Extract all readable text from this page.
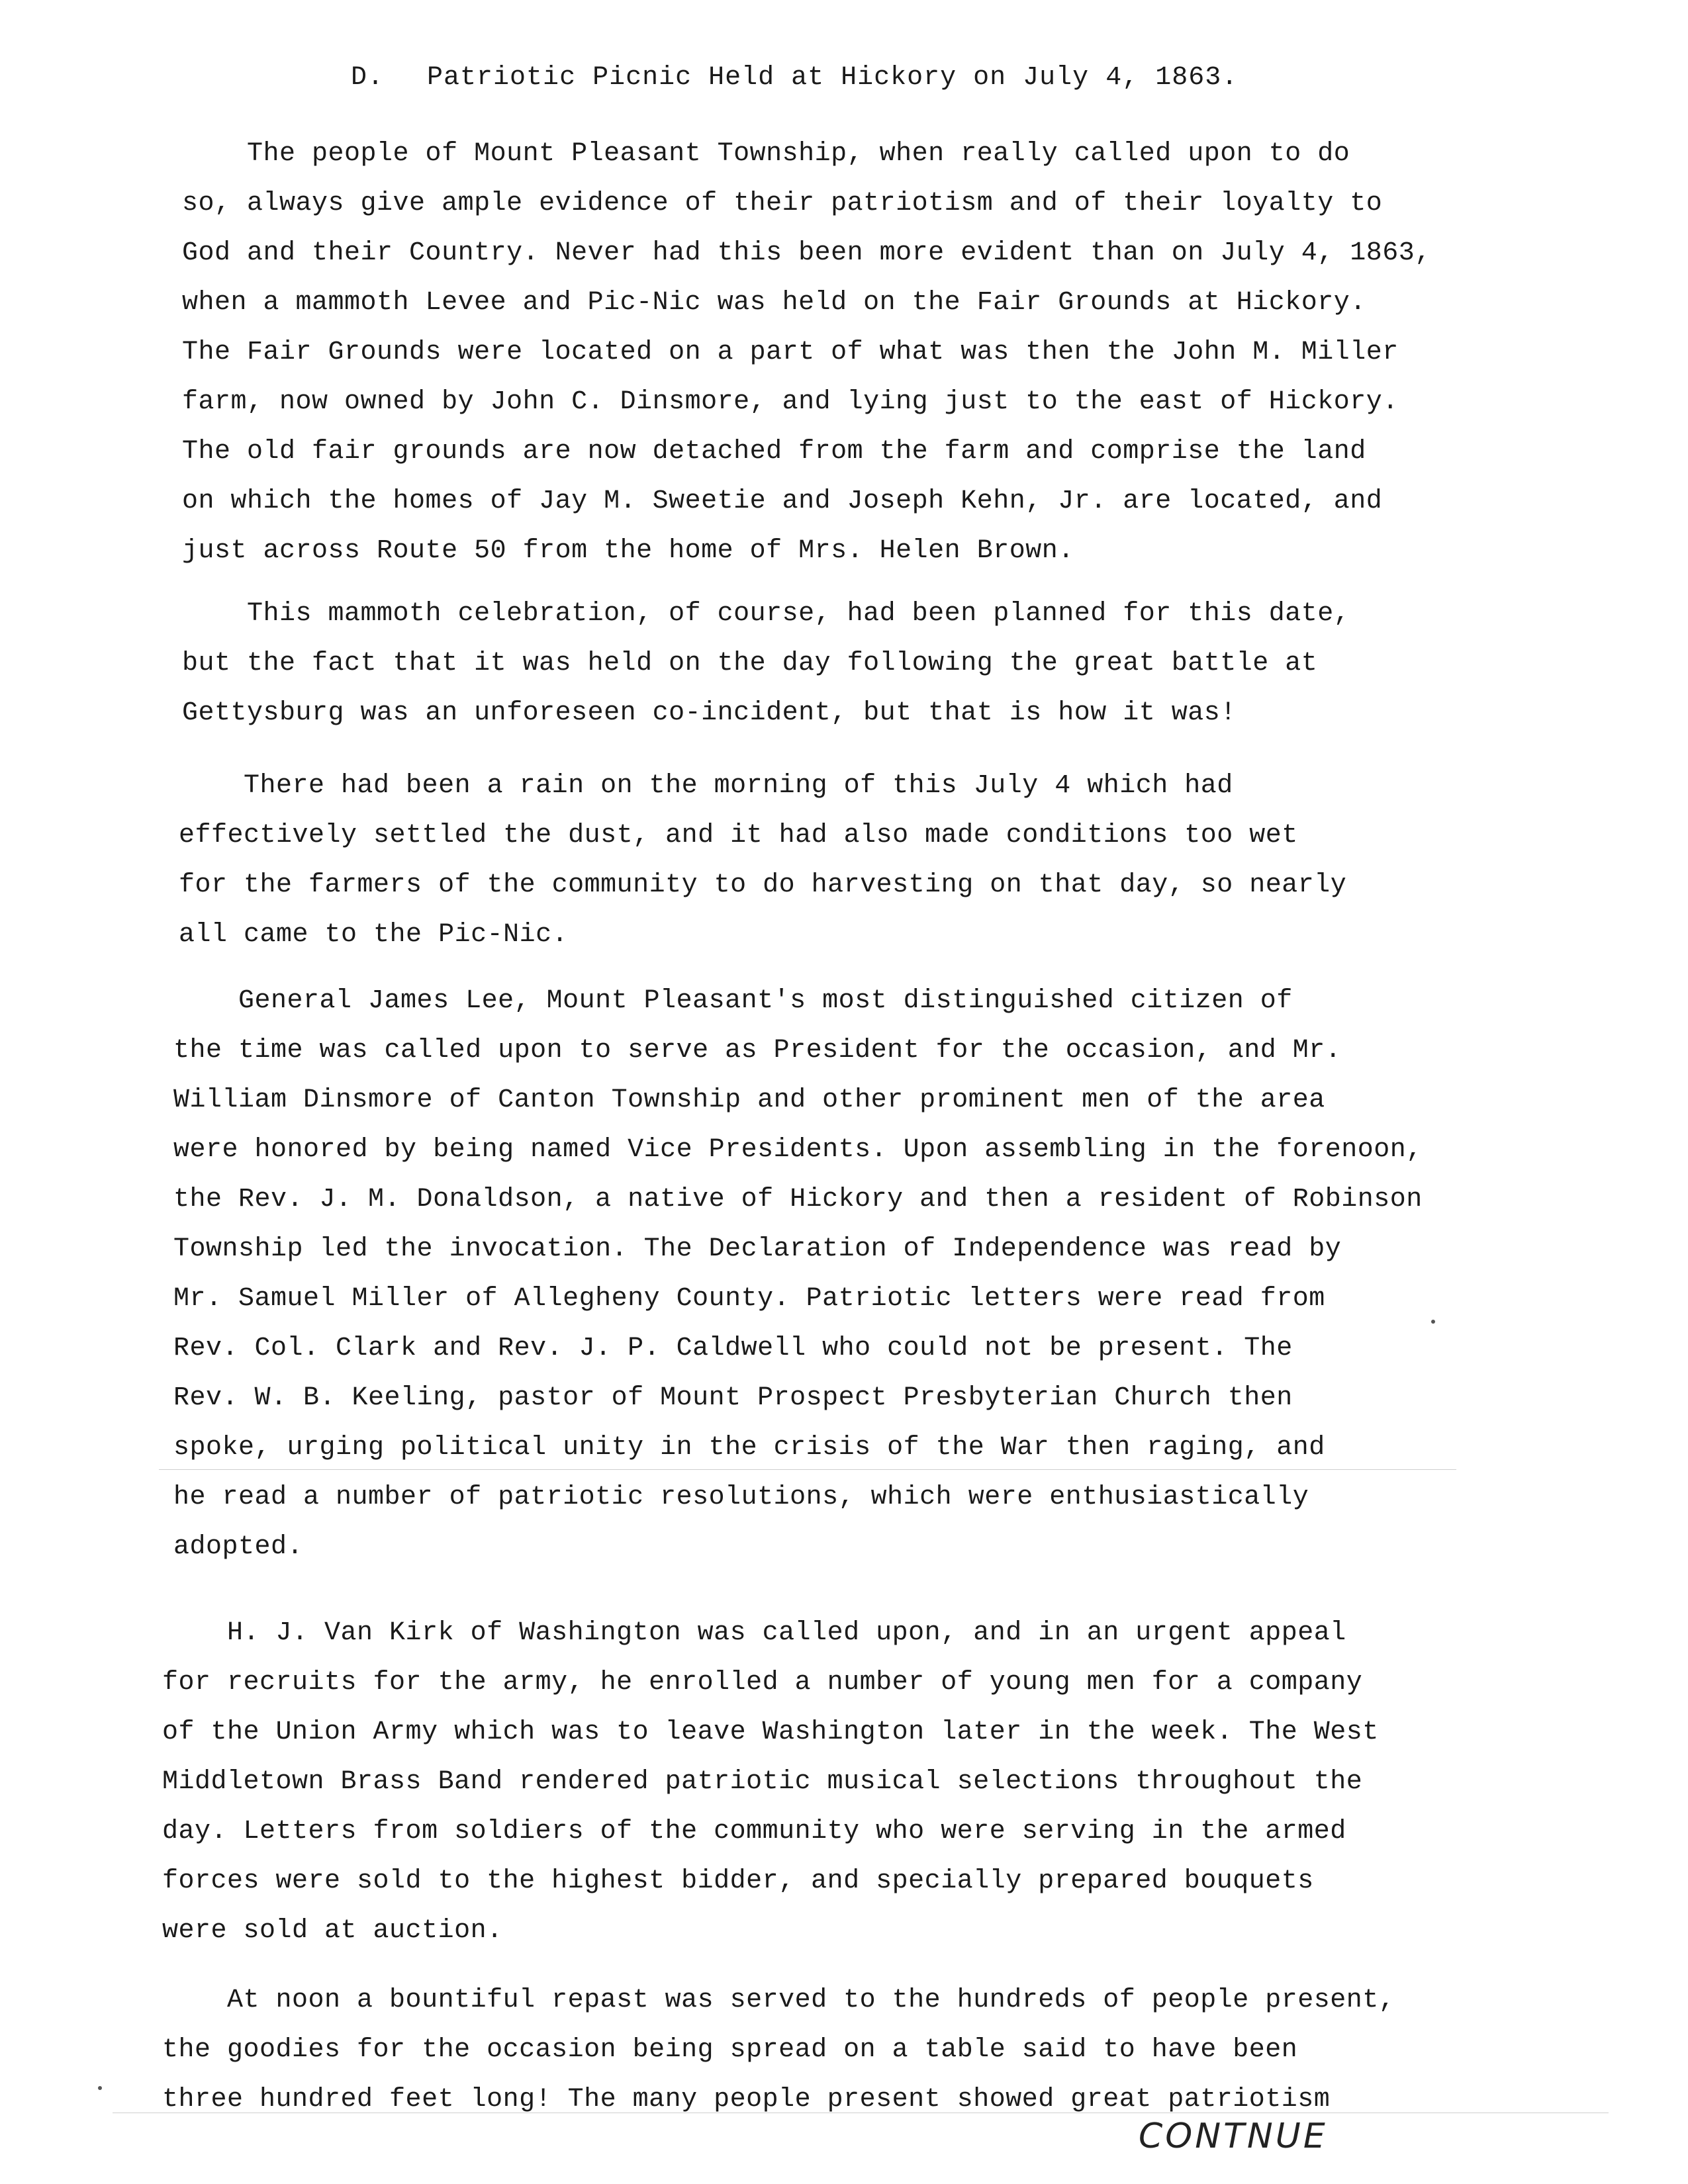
D. Patriotic Picnic Held at Hickory on July 4, 1863.
The people of Mount Pleasant Township, when really called upon to do
so, always give ample evidence of their patriotism and of their loyalty to
God and their Country. Never had this been more evident than on July 4, 1863,
when a mammoth Levee and Pic-Nic was held on the Fair Grounds at Hickory.
The Fair Grounds were located on a part of what was then the John M. Miller
farm, now owned by John C. Dinsmore, and lying just to the east of Hickory.
The old fair grounds are now detached from the farm and comprise the land
on which the homes of Jay M. Sweetie and Joseph Kehn, Jr. are located, and
just across Route 50 from the home of Mrs. Helen Brown.
This mammoth celebration, of course, had been planned for this date,
but the fact that it was held on the day following the great battle at
Gettysburg was an unforeseen co-incident, but that is how it was!
There had been a rain on the morning of this July 4 which had
effectively settled the dust, and it had also made conditions too wet
for the farmers of the community to do harvesting on that day, so nearly
all came to the Pic-Nic.
General James Lee, Mount Pleasant's most distinguished citizen of
the time was called upon to serve as President for the occasion, and Mr.
William Dinsmore of Canton Township and other prominent men of the area
were honored by being named Vice Presidents. Upon assembling in the forenoon,
the Rev. J. M. Donaldson, a native of Hickory and then a resident of Robinson
Township led the invocation. The Declaration of Independence was read by
Mr. Samuel Miller of Allegheny County. Patriotic letters were read from
Rev. Col. Clark and Rev. J. P. Caldwell who could not be present. The
Rev. W. B. Keeling, pastor of Mount Prospect Presbyterian Church then
spoke, urging political unity in the crisis of the War then raging, and
he read a number of patriotic resolutions, which were enthusiastically
adopted.
H. J. Van Kirk of Washington was called upon, and in an urgent appeal
for recruits for the army, he enrolled a number of young men for a company
of the Union Army which was to leave Washington later in the week. The West
Middletown Brass Band rendered patriotic musical selections throughout the
day. Letters from soldiers of the community who were serving in the armed
forces were sold to the highest bidder, and specially prepared bouquets
were sold at auction.
At noon a bountiful repast was served to the hundreds of people present,
the goodies for the occasion being spread on a table said to have been
three hundred feet long! The many people present showed great patriotism
CONTNUE
